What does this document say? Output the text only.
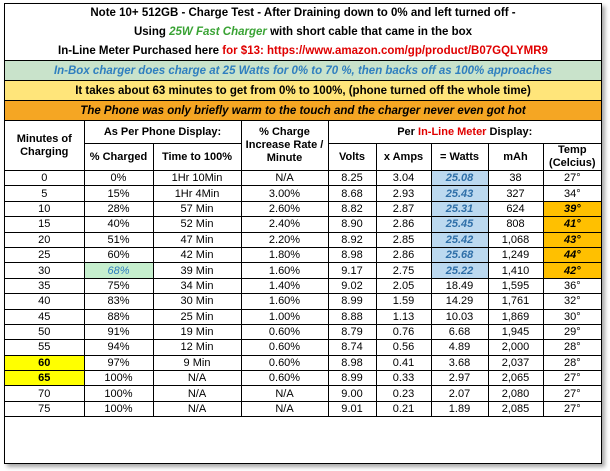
Note 10+ 512GB - Charge Test - After Draining down to 0% and left turned off -
Using 25W Fast Charger with short cable that came in the box
In-Line Meter Purchased here for $13: https://www.amazon.com/gp/product/B07GQLYMR9
In-Box charger does charge at 25 Watts for 0% to 70 %, then backs off as 100% approaches
It takes about 63 minutes to get from 0% to 100%, (phone turned off the whole time)
The Phone was only briefly warm to the touch and the charger never even got hot
Minutes of Charging	As Per Phone Display:		% Charge Increase Rate / Minute	Per In-Line Meter Display:				
	% Charged	Time to 100%		Volts	x Amps	= Watts	mAh	Temp (Celcius)
0	0%	1Hr 10Min	N/A	8.25	3.04	25.08	38	27°
5	15%	1Hr 4Min	3.00%	8.68	2.93	25.43	327	34°
10	28%	57 Min	2.60%	8.82	2.87	25.31	624	39°
15	40%	52 Min	2.40%	8.90	2.86	25.45	808	41°
20	51%	47 Min	2.20%	8.92	2.85	25.42	1,068	43°
25	60%	42 Min	1.80%	8.98	2.86	25.68	1,249	44°
30	68%	39 Min	1.60%	9.17	2.75	25.22	1,410	42°
35	75%	34 Min	1.40%	9.02	2.05	18.49	1,595	36°
40	83%	30 Min	1.60%	8.99	1.59	14.29	1,761	32°
45	88%	25 Min	1.00%	8.88	1.13	10.03	1,869	30°
50	91%	19 Min	0.60%	8.79	0.76	6.68	1,945	29°
55	94%	12 Min	0.60%	8.74	0.56	4.89	2,000	28°
60	97%	9 Min	0.60%	8.98	0.41	3.68	2,037	28°
65	100%	N/A	0.60%	8.99	0.33	2.97	2,065	27°
70	100%	N/A	N/A	9.00	0.23	2.07	2,080	27°
75	100%	N/A	N/A	9.01	0.21	1.89	2,085	27°
